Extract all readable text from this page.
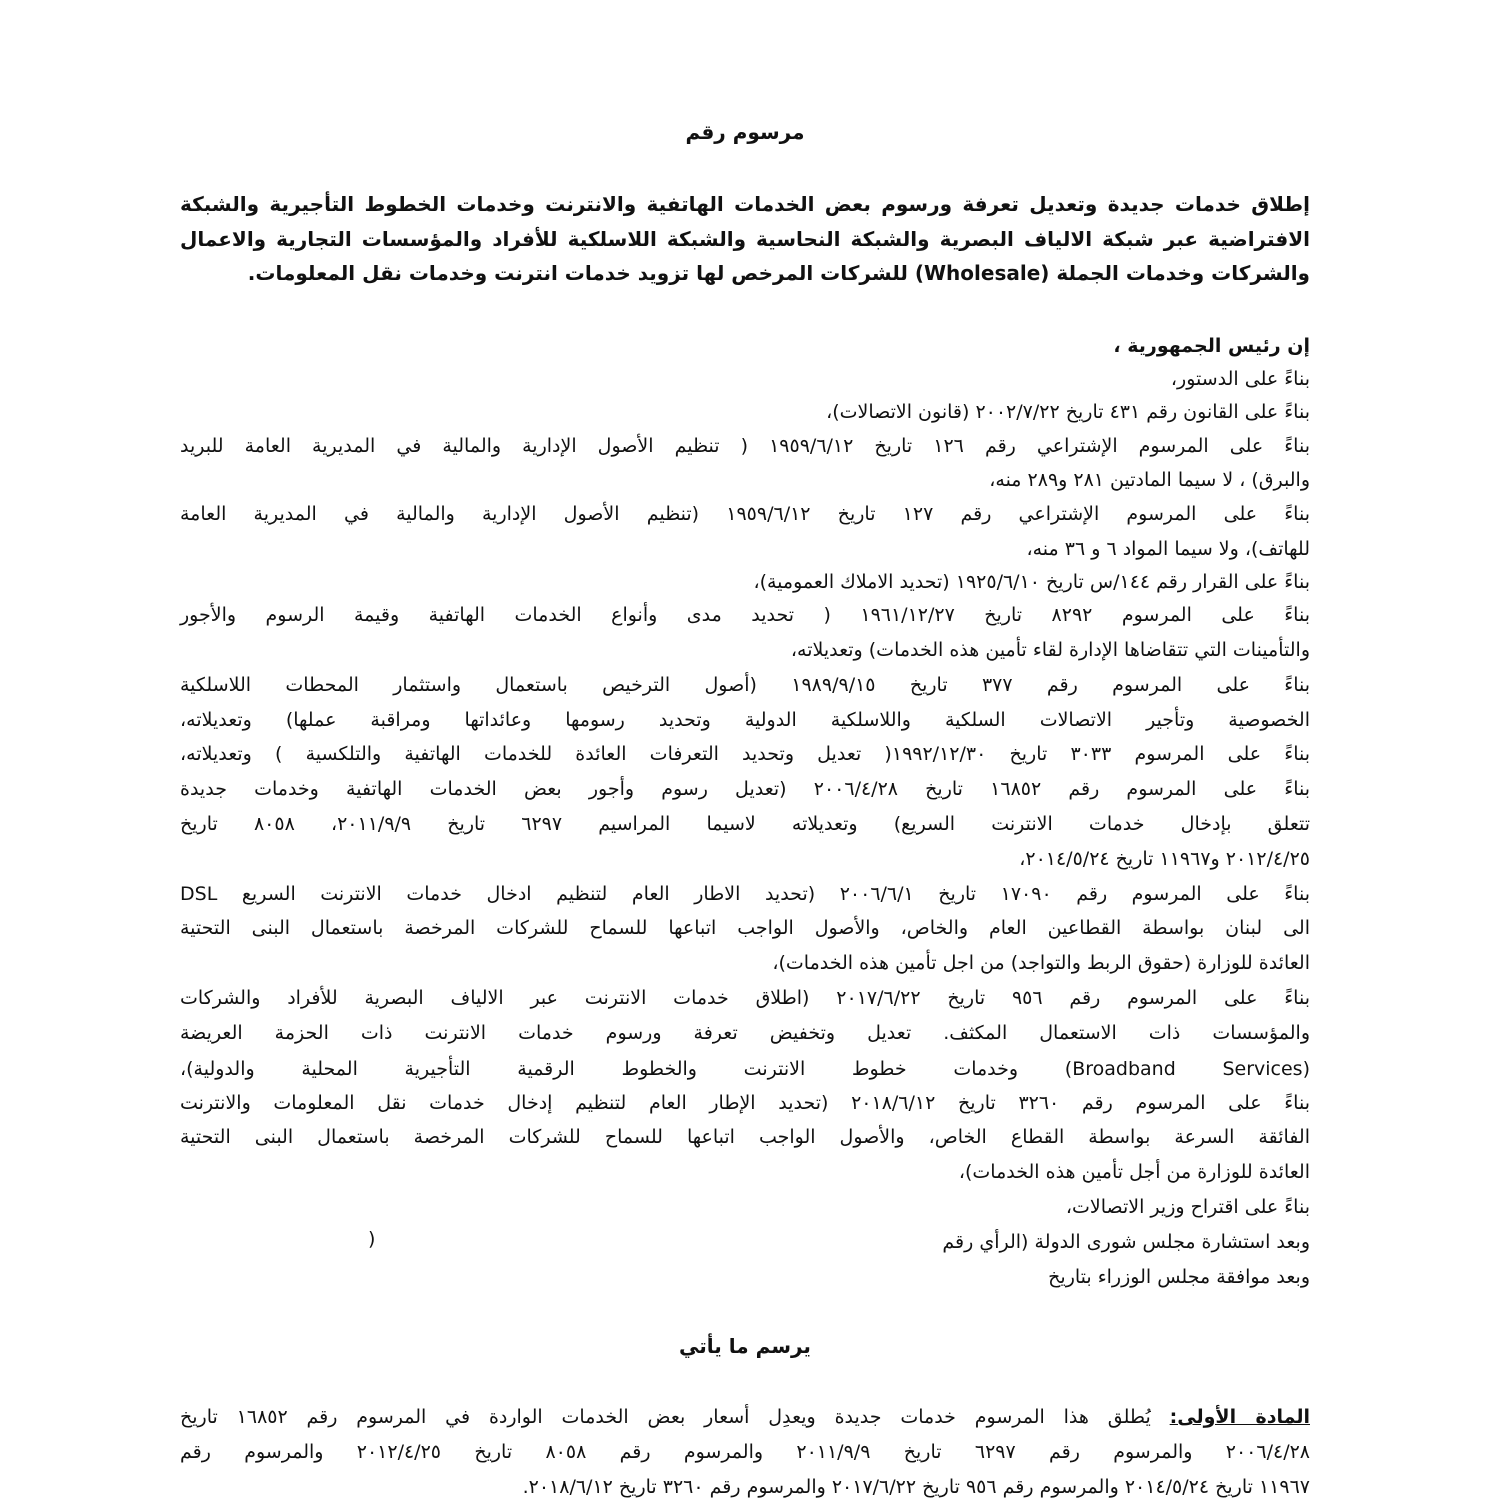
مرسوم رقم
إطلاق خدمات جديدة وتعديل تعرفة ورسوم بعض الخدمات الهاتفية والانترنت وخدمات الخطوط التأجيرية والشبكة
الافتراضية عبر شبكة الالياف البصرية والشبكة النحاسية والشبكة اللاسلكية للأفراد والمؤسسات التجارية والاعمال
والشركات وخدمات الجملة (Wholesale) للشركات المرخص لها تزويد خدمات انترنت وخدمات نقل المعلومات.
إن رئيس الجمهورية ،
بناءً على الدستور،
بناءً على القانون رقم ٤٣١ تاريخ ٢٠٠٢/٧/٢٢ (قانون الاتصالات)،
بناءً على المرسوم الإشتراعي رقم ١٢٦ تاريخ ١٩٥٩/٦/١٢ ( تنظيم الأصول الإدارية والمالية في المديرية العامة للبريد
والبرق) ، لا سيما المادتين ٢٨١ و٢٨٩ منه،
بناءً على المرسوم الإشتراعي رقم ١٢٧ تاريخ ١٩٥٩/٦/١٢ (تنظيم الأصول الإدارية والمالية في المديرية العامة
للهاتف)، ولا سيما المواد ٦ و ٣٦ منه،
بناءً على القرار رقم ١٤٤/س تاريخ ١٩٢٥/٦/١٠ (تحديد الاملاك العمومية)،
بناءً على المرسوم ٨٢٩٢ تاريخ ١٩٦١/١٢/٢٧ ( تحديد مدى وأنواع الخدمات الهاتفية وقيمة الرسوم والأجور
والتأمينات التي تتقاضاها الإدارة لقاء تأمين هذه الخدمات) وتعديلاته،
بناءً على المرسوم رقم ٣٧٧ تاريخ ١٩٨٩/٩/١٥ (أصول الترخيص باستعمال واستثمار المحطات اللاسلكية
الخصوصية وتأجير الاتصالات السلكية واللاسلكية الدولية وتحديد رسومها وعائداتها ومراقبة عملها) وتعديلاته،
بناءً على المرسوم ٣٠٣٣ تاريخ ١٩٩٢/١٢/٣٠( تعديل وتحديد التعرفات العائدة للخدمات الهاتفية والتلكسية ) وتعديلاته،
بناءً على المرسوم رقم ١٦٨٥٢ تاريخ ٢٠٠٦/٤/٢٨ (تعديل رسوم وأجور بعض الخدمات الهاتفية وخدمات جديدة
تتعلق بإدخال خدمات الانترنت السريع) وتعديلاته لاسيما المراسيم ٦٢٩٧ تاريخ ٢٠١١/٩/٩، ٨٠٥٨ تاريخ
٢٠١٢/٤/٢٥ و١١٩٦٧ تاريخ ٢٠١٤/٥/٢٤،
بناءً على المرسوم رقم ١٧٠٩٠ تاريخ ٢٠٠٦/٦/١ (تحديد الاطار العام لتنظيم ادخال خدمات الانترنت السريع DSL
الى لبنان بواسطة القطاعين العام والخاص، والأصول الواجب اتباعها للسماح للشركات المرخصة باستعمال البنى التحتية
العائدة للوزارة (حقوق الربط والتواجد) من اجل تأمين هذه الخدمات)،
بناءً على المرسوم رقم ٩٥٦ تاريخ ٢٠١٧/٦/٢٢ (اطلاق خدمات الانترنت عبر الالياف البصرية للأفراد والشركات
والمؤسسات ذات الاستعمال المكثف. تعديل وتخفيض تعرفة ورسوم خدمات الانترنت ذات الحزمة العريضة
(Broadband Services) وخدمات خطوط الانترنت والخطوط الرقمية التأجيرية المحلية والدولية)،
بناءً على المرسوم رقم ٣٢٦٠ تاريخ ٢٠١٨/٦/١٢ (تحديد الإطار العام لتنظيم إدخال خدمات نقل المعلومات والانترنت
الفائقة السرعة بواسطة القطاع الخاص، والأصول الواجب اتباعها للسماح للشركات المرخصة باستعمال البنى التحتية
العائدة للوزارة من أجل تأمين هذه الخدمات)،
بناءً على اقتراح وزير الاتصالات،
وبعد استشارة مجلس شورى الدولة (الرأي رقم
)
وبعد موافقة مجلس الوزراء بتاريخ
يرسم ما يأتي
المادة الأولى: يُطلق هذا المرسوم خدمات جديدة ويعدِل أسعار بعض الخدمات الواردة في المرسوم رقم ١٦٨٥٢ تاريخ
٢٠٠٦/٤/٢٨ والمرسوم رقم ٦٢٩٧ تاريخ ٢٠١١/٩/٩ والمرسوم رقم ٨٠٥٨ تاريخ ٢٠١٢/٤/٢٥ والمرسوم رقم
١١٩٦٧ تاريخ ٢٠١٤/٥/٢٤ والمرسوم رقم ٩٥٦ تاريخ ٢٠١٧/٦/٢٢ والمرسوم رقم ٣٢٦٠ تاريخ ٢٠١٨/٦/١٢.
